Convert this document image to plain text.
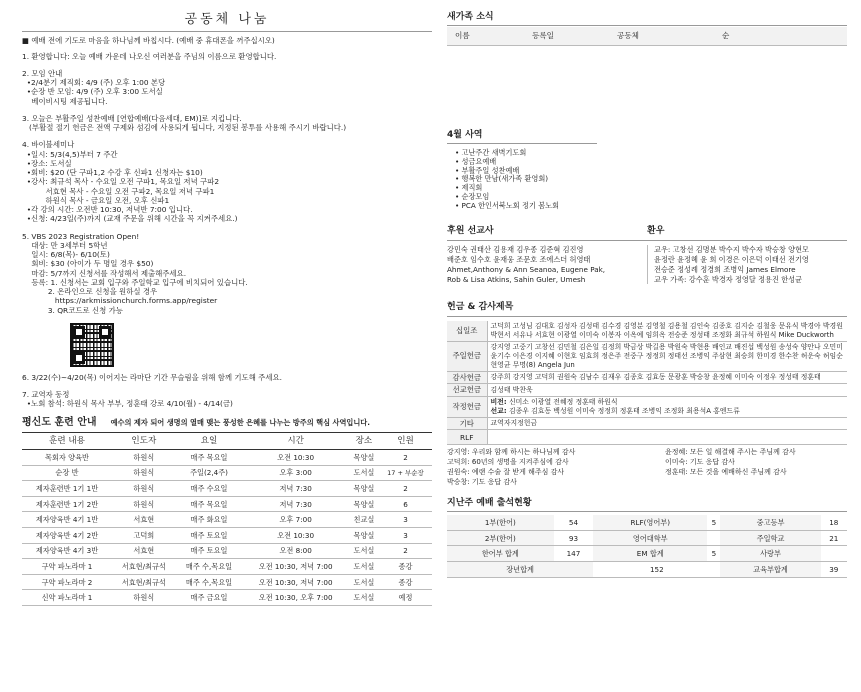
공동체 나눔
■ 예배 전에 기도로 마음을 하나님께 바칩시다. (예배 중 휴대폰을 꺼주십시오)
1. 환영합니다: 오늘 예배 가운데 나오신 여러분을 주님의 이름으로 환영합니다.
2. 모임 안내
•2/4분기 제직회: 4/9 (주) 오후 1:00 본당
•순장 반 모임: 4/9 (주) 오후 3:00 도서실
베이비시팅 제공됩니다.
3. 오늘은 부활주일 성찬예배 [연합예배(다음세대, EM)]로 지킵니다.
(부활절 절기 헌금은 전액 구제와 섬김에 사용되게 됩니다, 지정된 봉투를 사용해 주시기 바랍니다.)
4. 바이블세미나
•일시: 5/3(4,5)부터 7 주간
•장소: 도서실
•회비: $20 (단 구파1,2 수강 후 신파1 신청자는 $10)
•강사: 최규석 목사 - 수요일 오전 구파1, 목요일 저녁 구파2
서효현 목사 - 수요일 오전 구파2, 목요일 저녁 구파1
하원식 목사 - 금요일 오전, 오후 신파1
•각 강의 시간: 오전반 10:30, 저녁반 7:00 입니다.
•신청: 4/23일(주)까지 (교재 주문을 위해 시간을 꼭 지켜주세요.)
5. VBS 2023 Registration Open!
대상: 만 3세부터 5학년
일시: 6/8(목)- 6/10(토)
회비: $30 (아이가 두 명일 경우 $50)
마감: 5/7까지 신청서를 작성해서 제출해주세요.
등록: 1. 신청서는 교회 입구와 주일학교 입구에 비치되어 있습니다.
2. 온라인으로 신청을 원하실 경우
https://arkmissionchurch.forms.app/register
3. QR코드로 신청 가능
6. 3/22(수)~4/20(목) 이어지는 라마단 기간 무슬림을 위해 함께 기도해 주세요.
7. 교역자 동정
•노회 참석: 하원식 목사 부부, 정훈태 강로 4/10(월) - 4/14(금)
평신도 훈련 안내 예수의 제자 되어 생명의 열매 맺는 풍성한 은혜를 나누는 방주의 핵심 사역입니다.
훈련 내용	인도자	요일	시간	장소	인원
목회자 양육반	하원식	매주 목요일	오전 10:30	목양실	2
순장 반	하원식	주일(2,4주)	오후 3:00	도서실	17 + 부순장
제자훈련반 1기 1반	하원식	매주 수요일	저녁 7:30	목양실	2
제자훈련반 1기 2반	하원식	매주 목요일	저녁 7:30	목양실	6
제자양육반 4기 1반	서효현	매주 화요일	오후 7:00	친교실	3
제자양육반 4기 2반	고덕희	매주 토요일	오전 10:30	목양실	3
제자양육반 4기 3반	서효현	매주 토요일	오전 8:00	도서실	2
구약 파노라마 1	서효현/최규석	매주 수,목요일	오전 10:30, 저녁 7:00	도서실	종강
구약 파노라마 2	서효현/최규석	매주 수,목요일	오전 10:30, 저녁 7:00	도서실	종강
신약 파노라마 1	하원식	매주 금요일	오전 10:30, 오후 7:00	도서실	예정
새가족 소식
이름	등록일	공동체	순
4월 사역
• 고난주간 새벽기도회
• 성금요예배
• 부활주일 성찬예배
• 행복한 만남(새가족 환영회)
• 제직회
• 순장모임
• PCA 한인서북노회 정기 봄노회
후원 선교사
강민숙 권태산 김용재 김우종 김준혁 김진영
배준호 임수호 윤재웅 조문호 조에스더 허영태
Ahmet,Anthony & Ann Seanoa, Eugene Pak,
Rob & Lisa Atkins, Sahin Guler, Umesh
환우
교우: 고창선 김명분 박수지 박수자 박승창 양현모
윤정란 윤정혜 윤 희 이경은 이은덕 이태선 전기영
전승준 정성례 정경희 조병익 James Elmore
교우 가족: 강수훈 박경자 정영달 정용진 한성균
헌금 & 감사제목
십일조	고덕희 고성님 김대호 김성자 김성태 김수경 김영분 김영철 김용철 김인숙 김종호 김지순 김철웅 문유식 박경아 박경원 박현서 서유나 서효현 이광열 이미숙 이봉자 이옥예 임희옥 전승준 정성태 조정화 최규석 하원식 Mike Duckworth
주일헌금	강지영 고중기 고창선 김민철 김은일 김정희 박금상 박길용 박원숙 박현용 배인교 배진섭 백성원 송성숙 양안나 오민미 윤기수 이은경 이지혜 이현호 임효희 정은주 전중구 정정희 정태선 조병익 주삼현 최승희 한미경 한수찬 허운숙 허임순 현영균 무명(8) Angela Jun
감사헌금	강주희 강지영 고덕희 권원숙 김남수 김재우 김종호 김효동 문광훈 박승창 윤정혜 이미숙 이정우 정성태 정훈태
선교헌금	김성태 박찬욱
작정헌금	비전: 신미소 이광열 전혜정 정훈태 하원식
선교: 김종우 김효동 백성원 이미숙 정정희 정훈태 조병익 조정화 최용석A 홍엔드류
기타	교역자지정헌금
RLF	
강지영: 우리와 함께 하시는 하나님께 감사
고덕희: 60년의 생명을 지켜주심에 감사
권원숙: 예랜 수술 잘 받게 해주심 감사
박승창: 기도 응답 감사
윤정혜: 모든 일 해결해 주시는 주님께 감사
이미숙: 기도 응답 감사
정훈태: 모든 것을 예배하신 주님께 감사
지난주 예배 출석현황
1부(한어)	54	RLF(영어부)	5	중고등부	18
2부(한어)	93	영어대학부		주일학교	21
한어부 합계	147	EM 합계	5	사랑부	
장년합계		152		교육부합계	39
